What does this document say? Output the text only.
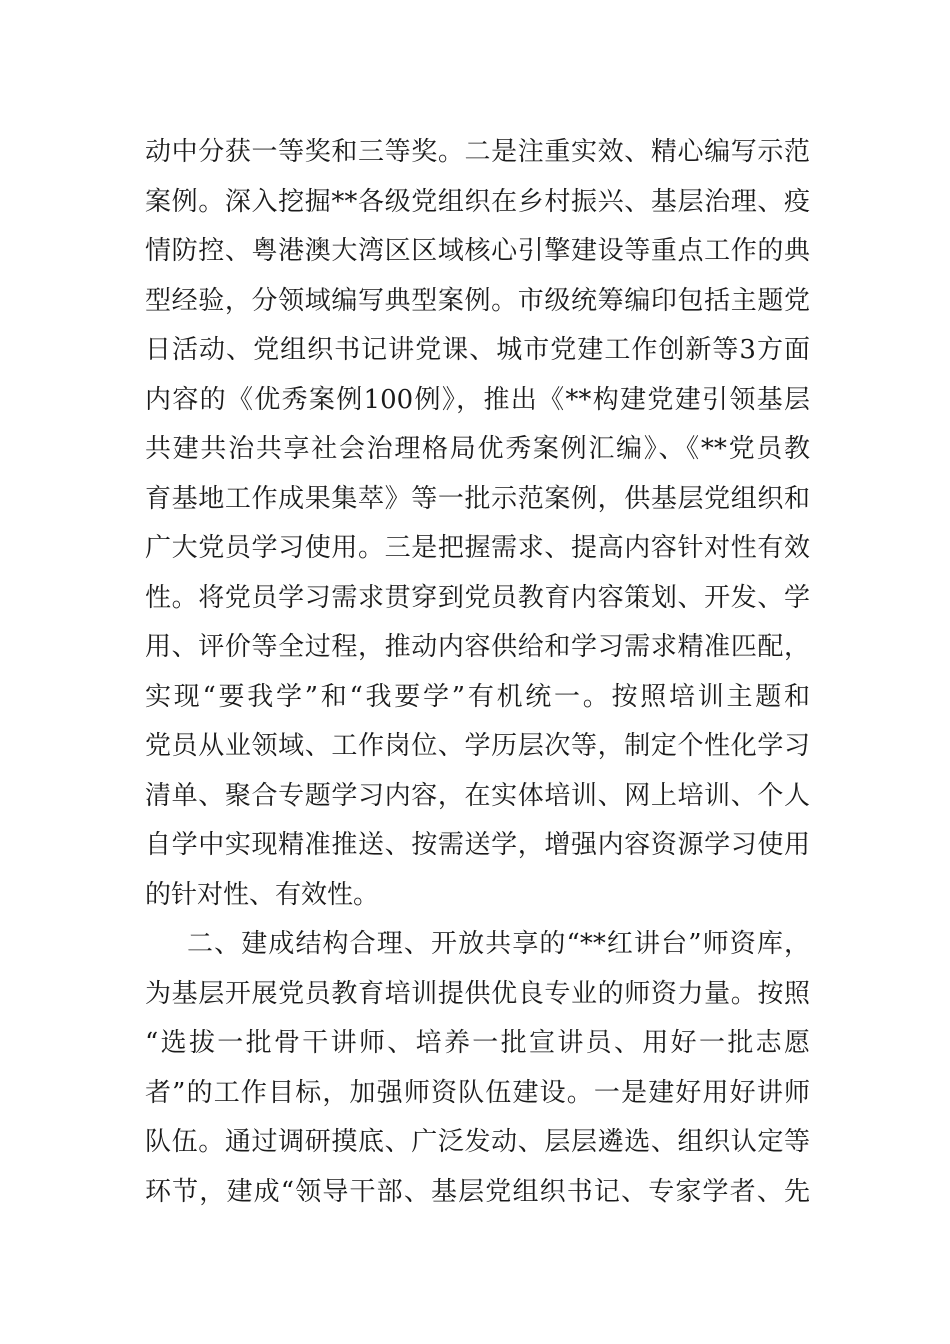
动中分获一等奖和三等奖。二是注重实效、精心编写示范
案例。深入挖掘**各级党组织在乡村振兴、基层治理、疫
情防控、粤港澳大湾区区域核心引擎建设等重点工作的典
型经验，分领域编写典型案例。市级统筹编印包括主题党
日活动、党组织书记讲党课、城市党建工作创新等3方面
内容的《优秀案例100例》，推出《**构建党建引领基层
共建共治共享社会治理格局优秀案例汇编》、《**党员教
育基地工作成果集萃》等一批示范案例，供基层党组织和
广大党员学习使用。三是把握需求、提高内容针对性有效
性。将党员学习需求贯穿到党员教育内容策划、开发、学
用、评价等全过程，推动内容供给和学习需求精准匹配，
实现“要我学”和“我要学”有机统一。按照培训主题和
党员从业领域、工作岗位、学历层次等，制定个性化学习
清单、聚合专题学习内容，在实体培训、网上培训、个人
自学中实现精准推送、按需送学，增强内容资源学习使用
的针对性、有效性。
二、建成结构合理、开放共享的“**红讲台”师资库，
为基层开展党员教育培训提供优良专业的师资力量。按照
“选拔一批骨干讲师、培养一批宣讲员、用好一批志愿
者”的工作目标，加强师资队伍建设。一是建好用好讲师
队伍。通过调研摸底、广泛发动、层层遴选、组织认定等
环节，建成“领导干部、基层党组织书记、专家学者、先
